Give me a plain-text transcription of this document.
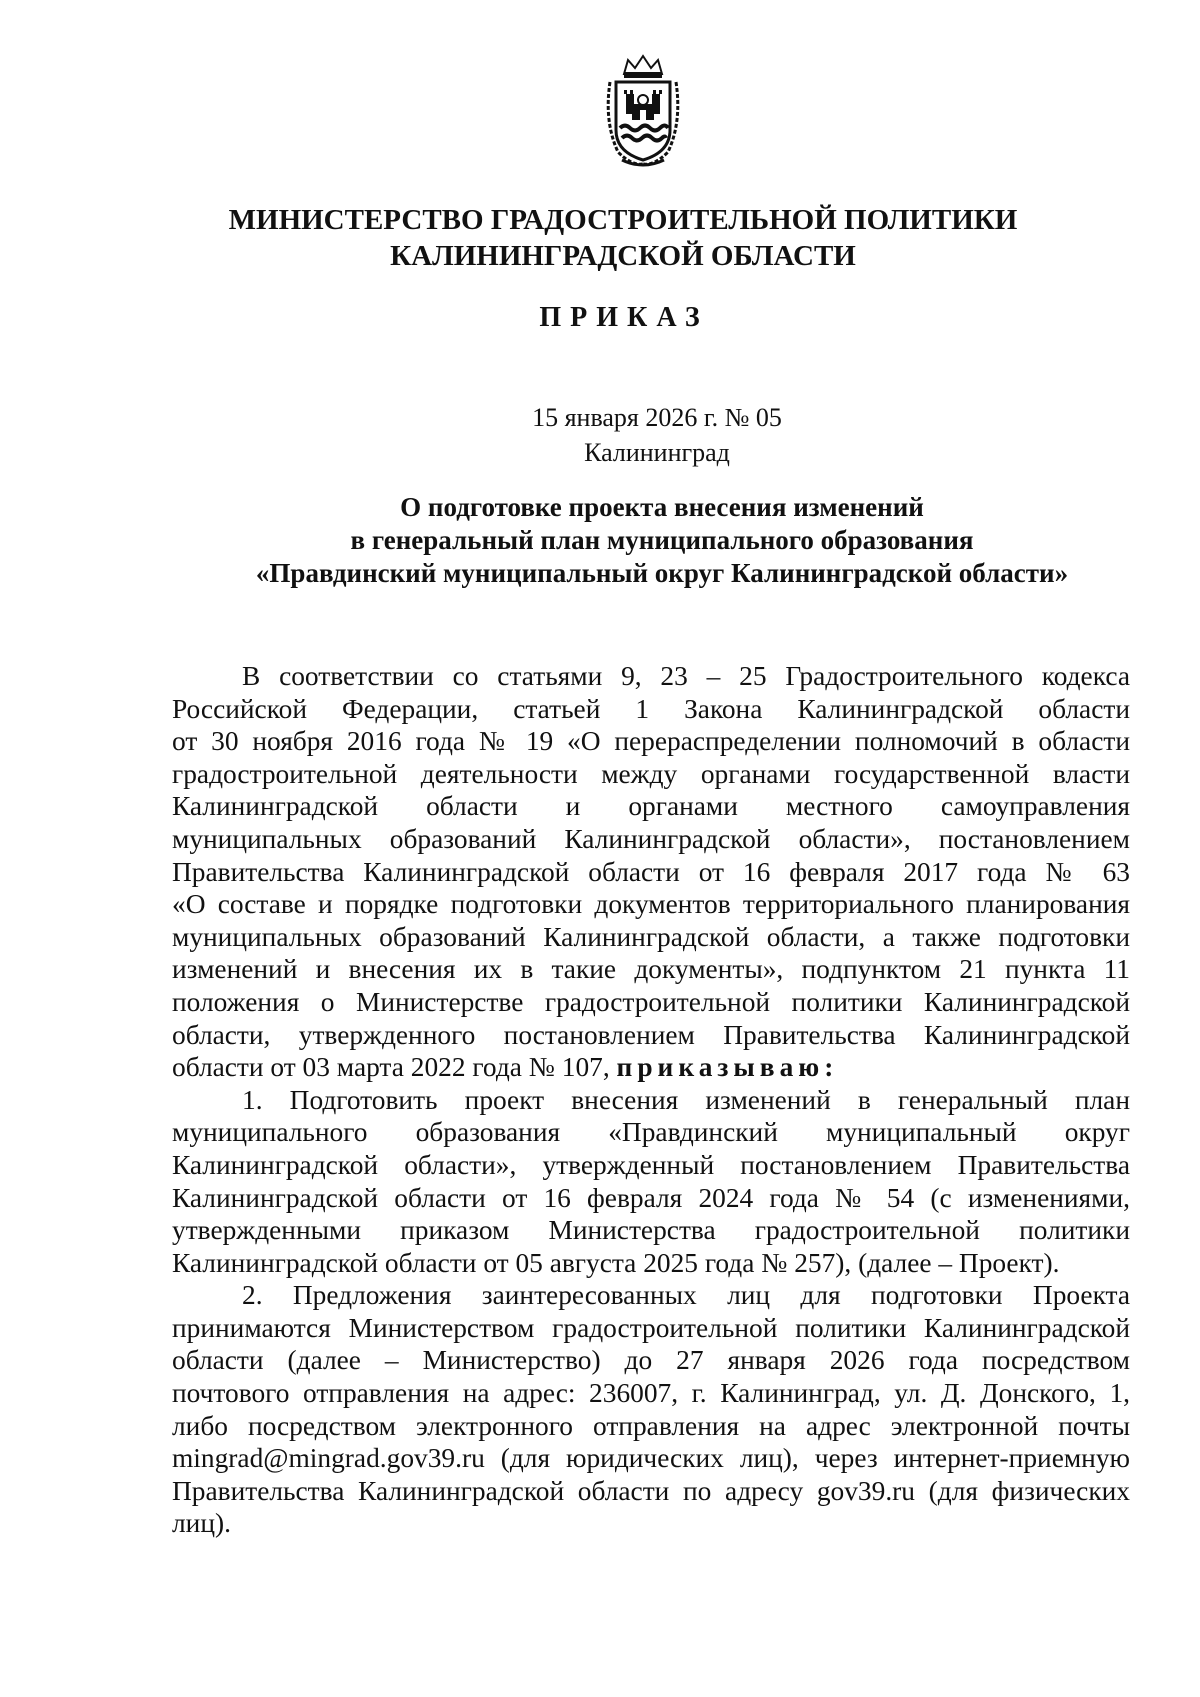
МИНИСТЕРСТВО ГРАДОСТРОИТЕЛЬНОЙ ПОЛИТИКИ
КАЛИНИНГРАДСКОЙ ОБЛАСТИ
ПРИКАЗ
15 января 2026 г. № 05
Калининград
О подготовке проекта внесения изменений
в генеральный план муниципального образования
«Правдинский муниципальный округ Калининградской области»
В соответствии со статьями 9, 23 – 25 Градостроительного кодекса
Российской Федерации, статьей 1 Закона Калининградской области
от 30 ноября 2016 года № 19 «О перераспределении полномочий в области
градостроительной деятельности между органами государственной власти
Калининградской области и органами местного самоуправления
муниципальных образований Калининградской области», постановлением
Правительства Калининградской области от 16 февраля 2017 года № 63
«О составе и порядке подготовки документов территориального планирования
муниципальных образований Калининградской области, а также подготовки
изменений и внесения их в такие документы», подпунктом 21 пункта 11
положения о Министерстве градостроительной политики Калининградской
области, утвержденного постановлением Правительства Калининградской
области от 03 марта 2022 года № 107, приказываю:
1. Подготовить проект внесения изменений в генеральный план
муниципального образования «Правдинский муниципальный округ
Калининградской области», утвержденный постановлением Правительства
Калининградской области от 16 февраля 2024 года № 54 (с изменениями,
утвержденными приказом Министерства градостроительной политики
Калининградской области от 05 августа 2025 года № 257), (далее – Проект).
2. Предложения заинтересованных лиц для подготовки Проекта
принимаются Министерством градостроительной политики Калининградской
области (далее – Министерство) до 27 января 2026 года посредством
почтового отправления на адрес: 236007, г. Калининград, ул. Д. Донского, 1,
либо посредством электронного отправления на адрес электронной почты
mingrad@mingrad.gov39.ru (для юридических лиц), через интернет-приемную
Правительства Калининградской области по адресу gov39.ru (для физических
лиц).
